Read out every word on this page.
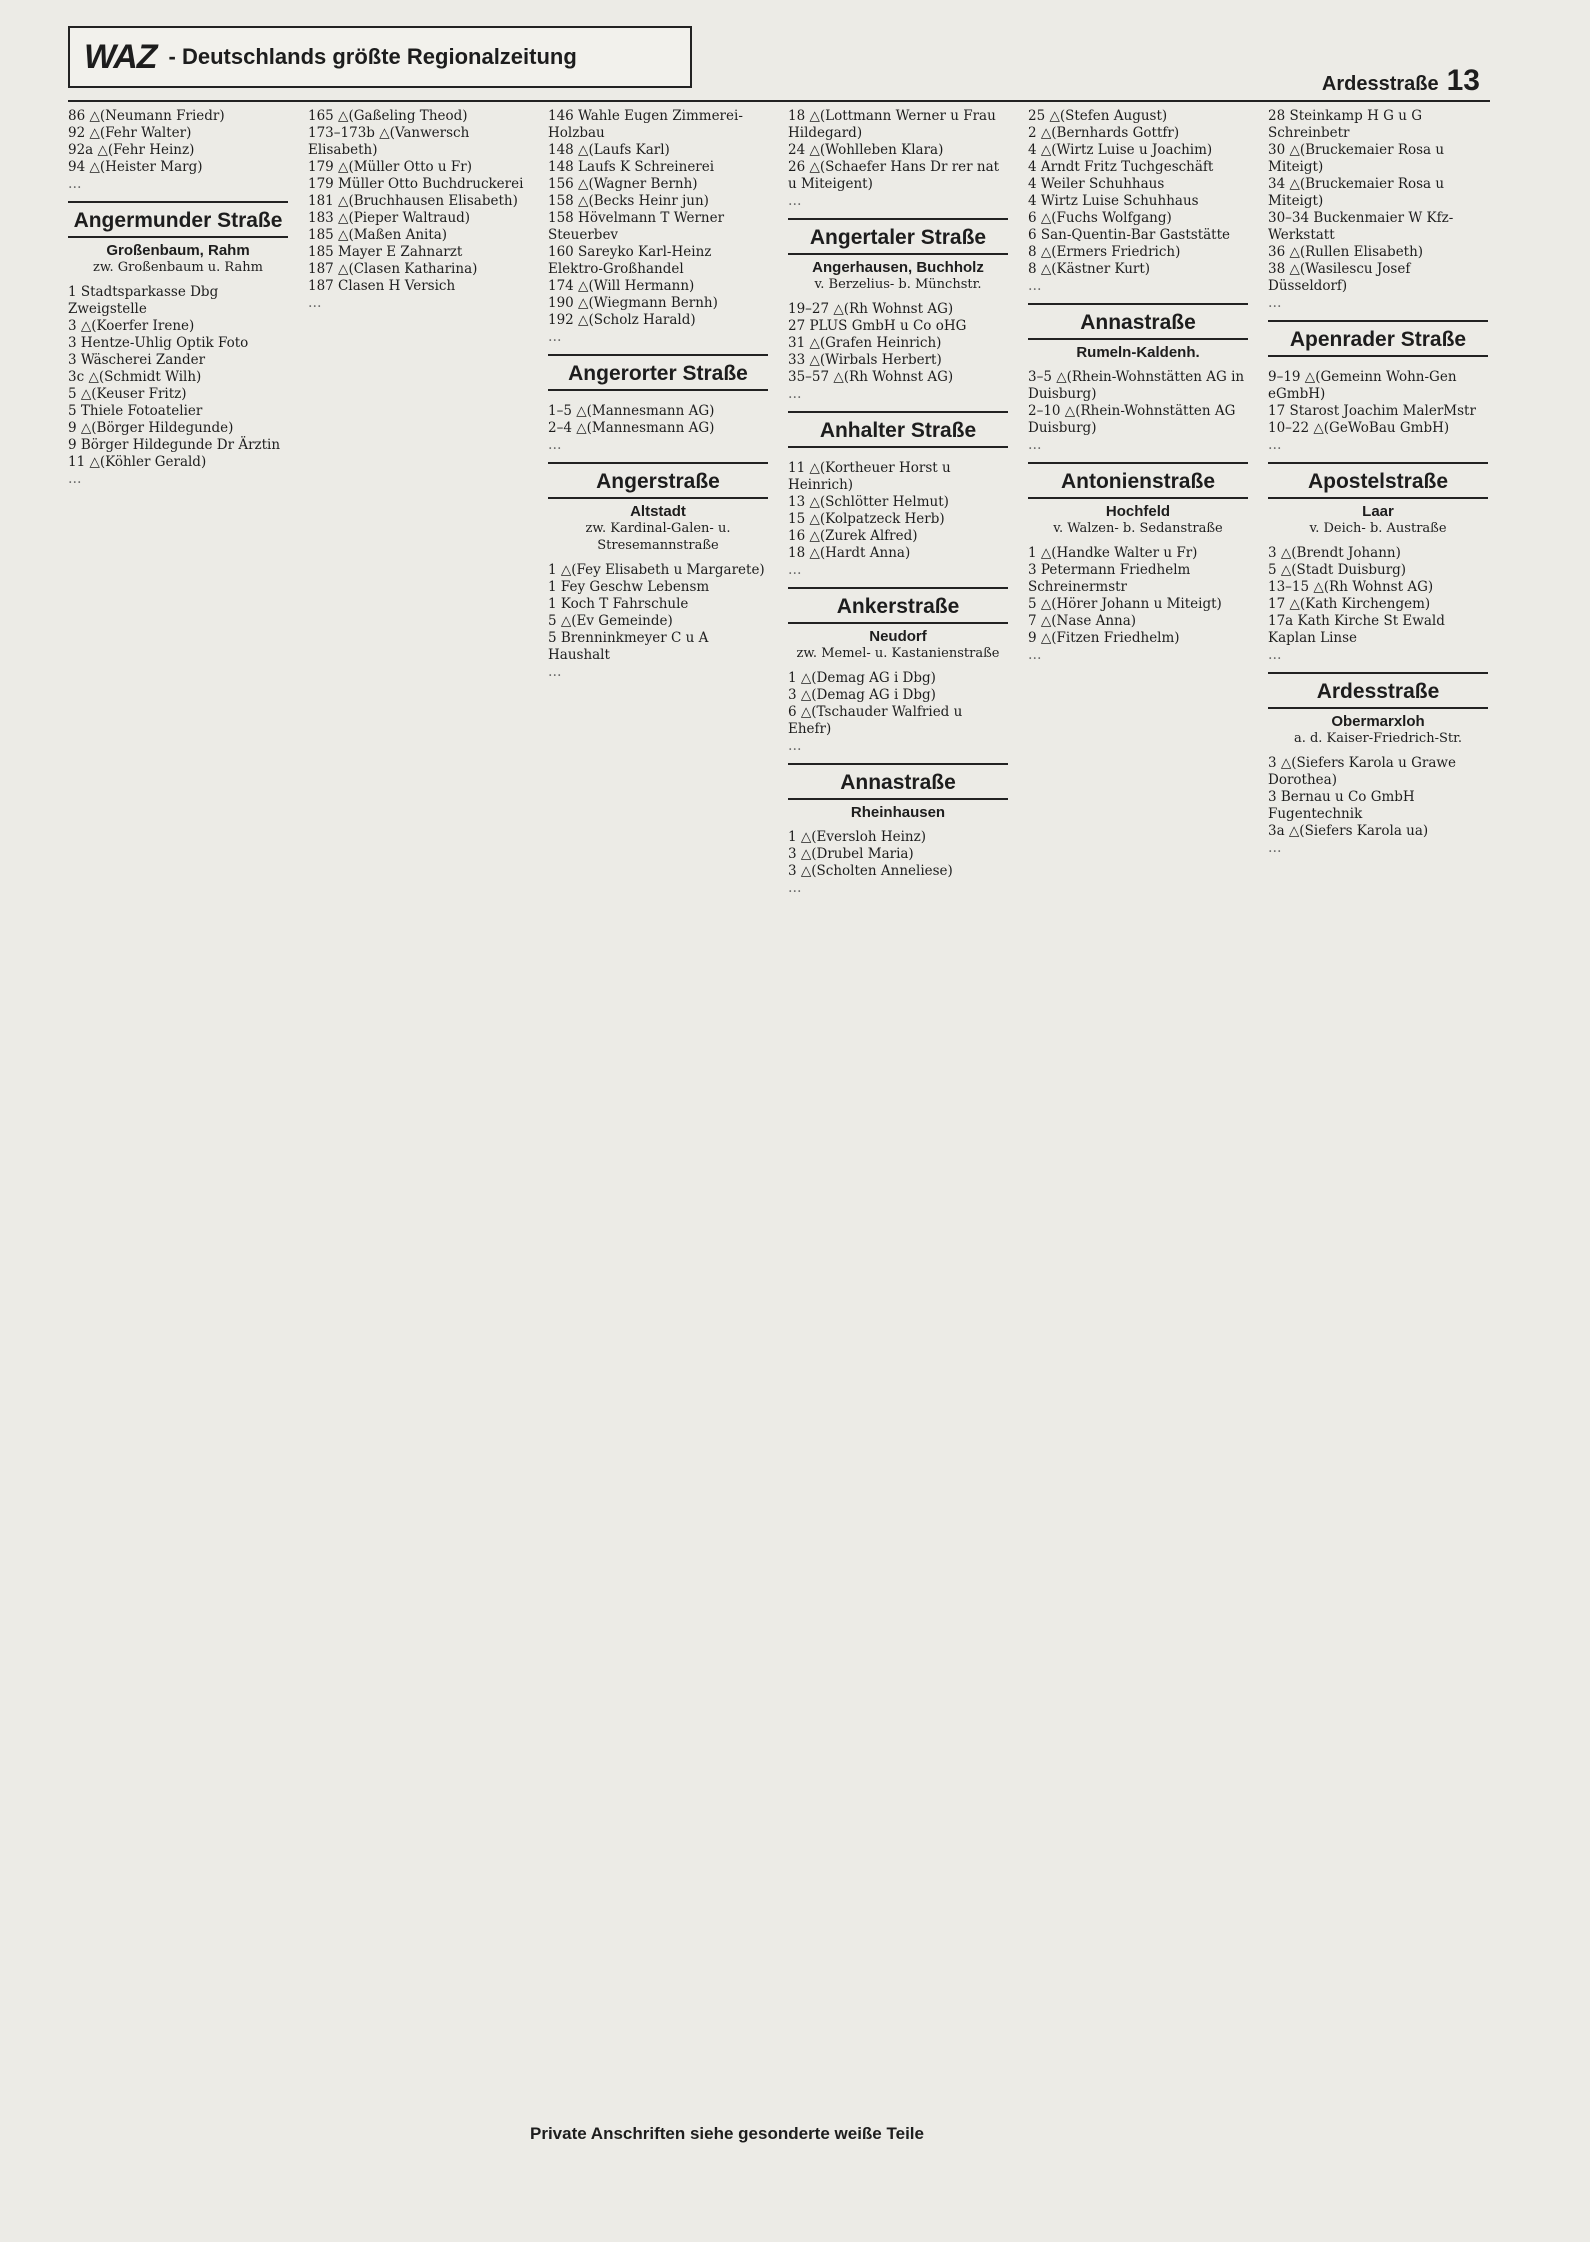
WAZ - Deutschlands größte Regionalzeitung
Ardesstraße 13
86 △(Neumann Friedr)
92 △(Fehr Walter)
92a △(Fehr Heinz)
94 △(Heister Marg)
…
Angermunder Straße
Großenbaum, Rahm
zw. Großenbaum u. Rahm
1 Stadtsparkasse Dbg Zweigstelle
3 △(Koerfer Irene)
3 Hentze-Uhlig Optik Foto
3 Wäscherei Zander
3c △(Schmidt Wilh)
5 △(Keuser Fritz)
5 Thiele Fotoatelier
9 △(Börger Hildegunde)
9 Börger Hildegunde Dr Ärztin
11 △(Köhler Gerald)
…
165 △(Gaßeling Theod)
173–173b △(Vanwersch Elisabeth)
179 △(Müller Otto u Fr)
179 Müller Otto Buchdruckerei
181 △(Bruchhausen Elisabeth)
183 △(Pieper Waltraud)
185 △(Maßen Anita)
185 Mayer E Zahnarzt
187 △(Clasen Katharina)
187 Clasen H Versich
…
146 Wahle Eugen Zimmerei-Holzbau
148 △(Laufs Karl)
148 Laufs K Schreinerei
156 △(Wagner Bernh)
158 △(Becks Heinr jun)
158 Hövelmann T Werner Steuerbev
160 Sareyko Karl-Heinz Elektro-Großhandel
174 △(Will Hermann)
190 △(Wiegmann Bernh)
192 △(Scholz Harald)
…
Angerorter Straße
1–5 △(Mannesmann AG)
2–4 △(Mannesmann AG)
…
Angerstraße
Altstadt
zw. Kardinal-Galen- u. Stresemannstraße
1 △(Fey Elisabeth u Margarete)
1 Fey Geschw Lebensm
1 Koch T Fahrschule
5 △(Ev Gemeinde)
5 Brenninkmeyer C u A Haushalt
…
18 △(Lottmann Werner u Frau Hildegard)
24 △(Wohlleben Klara)
26 △(Schaefer Hans Dr rer nat u Miteigent)
…
Angertaler Straße
Angerhausen, Buchholz
v. Berzelius- b. Münchstr.
19–27 △(Rh Wohnst AG)
27 PLUS GmbH u Co oHG
31 △(Grafen Heinrich)
33 △(Wirbals Herbert)
35–57 △(Rh Wohnst AG)
…
Anhalter Straße
11 △(Kortheuer Horst u Heinrich)
13 △(Schlötter Helmut)
15 △(Kolpatzeck Herb)
16 △(Zurek Alfred)
18 △(Hardt Anna)
…
Ankerstraße
Neudorf
zw. Memel- u. Kastanienstraße
1 △(Demag AG i Dbg)
3 △(Demag AG i Dbg)
6 △(Tschauder Walfried u Ehefr)
…
Annastraße
Rheinhausen
1 △(Eversloh Heinz)
3 △(Drubel Maria)
3 △(Scholten Anneliese)
…
25 △(Stefen August)
2 △(Bernhards Gottfr)
4 △(Wirtz Luise u Joachim)
4 Arndt Fritz Tuchgeschäft
4 Weiler Schuhhaus
4 Wirtz Luise Schuhhaus
6 △(Fuchs Wolfgang)
6 San-Quentin-Bar Gaststätte
8 △(Ermers Friedrich)
8 △(Kästner Kurt)
…
Annastraße
Rumeln-Kaldenh.
3–5 △(Rhein-Wohnstätten AG in Duisburg)
2–10 △(Rhein-Wohnstätten AG Duisburg)
…
Antonienstraße
Hochfeld
v. Walzen- b. Sedanstraße
1 △(Handke Walter u Fr)
3 Petermann Friedhelm Schreinermstr
5 △(Hörer Johann u Miteigt)
7 △(Nase Anna)
9 △(Fitzen Friedhelm)
…
28 Steinkamp H G u G Schreinbetr
30 △(Bruckemaier Rosa u Miteigt)
34 △(Bruckemaier Rosa u Miteigt)
30–34 Buckenmaier W Kfz-Werkstatt
36 △(Rullen Elisabeth)
38 △(Wasilescu Josef Düsseldorf)
…
Apenrader Straße
9–19 △(Gemeinn Wohn-Gen eGmbH)
17 Starost Joachim MalerMstr
10–22 △(GeWoBau GmbH)
…
Apostelstraße
Laar
v. Deich- b. Austraße
3 △(Brendt Johann)
5 △(Stadt Duisburg)
13–15 △(Rh Wohnst AG)
17 △(Kath Kirchengem)
17a Kath Kirche St Ewald Kaplan Linse
…
Ardesstraße
Obermarxloh
a. d. Kaiser-Friedrich-Str.
3 △(Siefers Karola u Grawe Dorothea)
3 Bernau u Co GmbH Fugentechnik
3a △(Siefers Karola ua)
…
Private Anschriften siehe gesonderte weiße Teile
